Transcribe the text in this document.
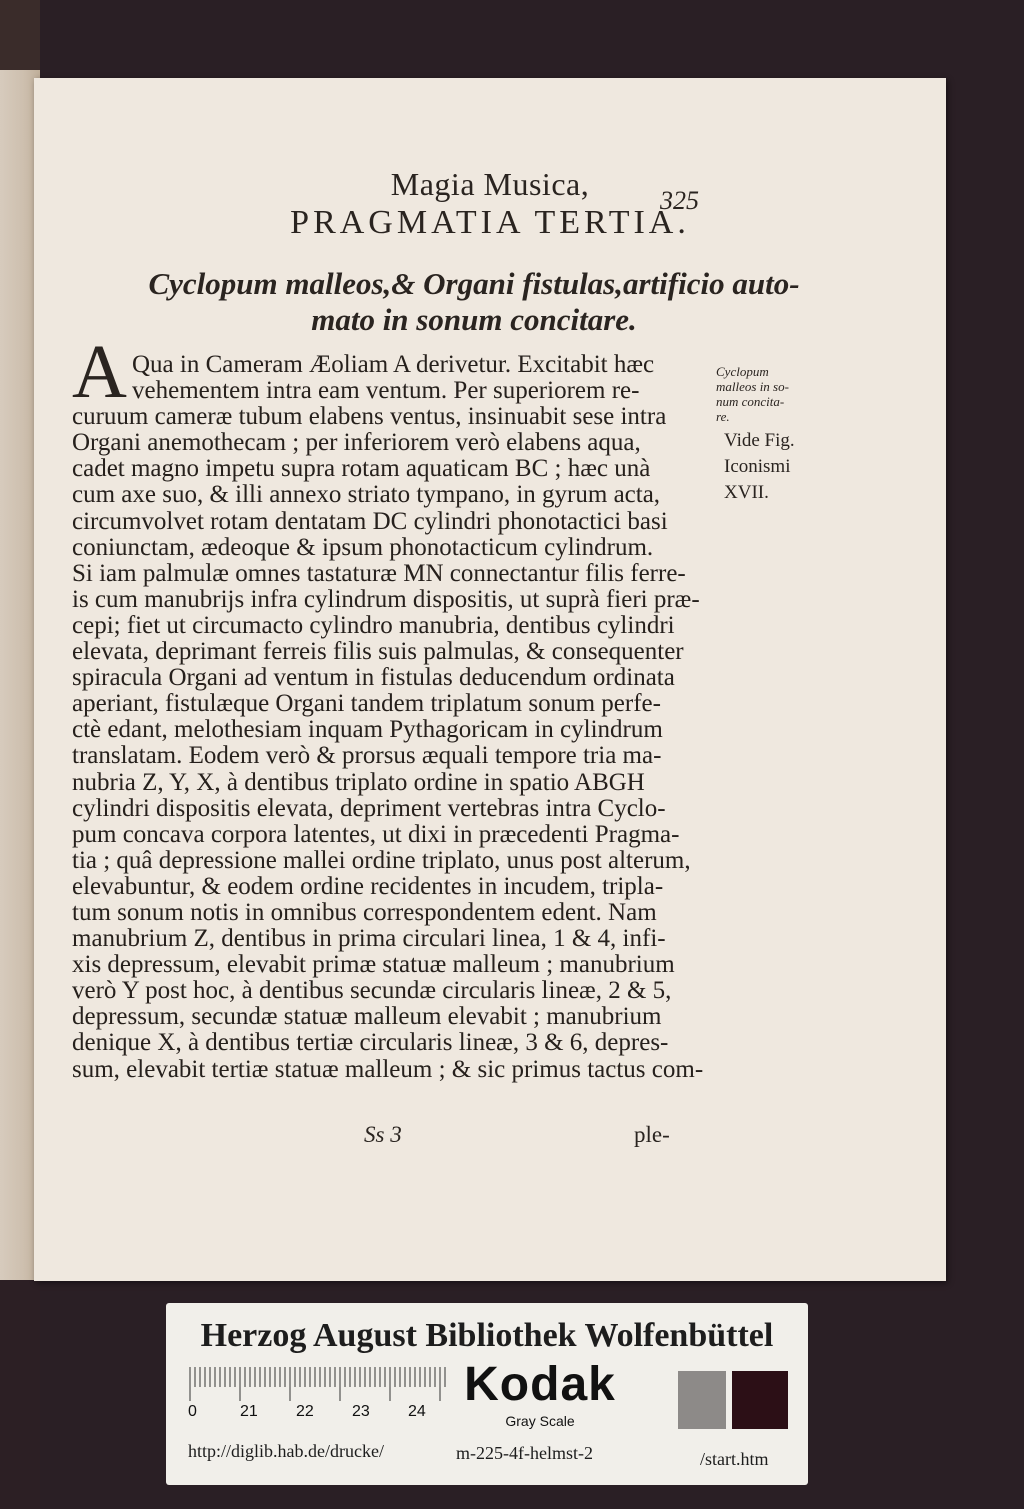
Magia Musica,	325
PRAGMATIA TERTIA.
Cyclopum malleos,& Organi fistulas,artificio auto-
mato in sonum concitare.
A Qua in Cameram Æoliam A derivetur. Excitabit hæc
vehementem intra eam ventum. Per superiorem re-
curuum cameræ tubum elabens ventus, insinuabit sese intra
Organi anemothecam ; per inferiorem verò elabens aqua,
cadet magno impetu supra rotam aquaticam BC ; hæc unà
cum axe suo, & illi annexo striato tympano, in gyrum acta,
circumvolvet rotam dentatam DC cylindri phonotactici basi
coniunctam, ædeoque & ipsum phonotacticum cylindrum.
Si iam palmulæ omnes tastaturæ MN connectantur filis ferre-
is cum manubrijs infra cylindrum dispositis, ut suprà fieri præ-
cepi; fiet ut circumacto cylindro manubria, dentibus cylindri
elevata, deprimant ferreis filis suis palmulas, & consequenter
spiracula Organi ad ventum in fistulas deducendum ordinata
aperiant, fistulæque Organi tandem triplatum sonum perfe-
ctè edant, melothesiam inquam Pythagoricam in cylindrum
translatam. Eodem verò & prorsus æquali tempore tria ma-
nubria Z, Y, X, à dentibus triplato ordine in spatio ABGH
cylindri dispositis elevata, depriment vertebras intra Cyclo-
pum concava corpora latentes, ut dixi in præcedenti Pragma-
tia ; quâ depressione mallei ordine triplato, unus post alterum,
elevabuntur, & eodem ordine recidentes in incudem, tripla-
tum sonum notis in omnibus correspondentem edent. Nam
manubrium Z, dentibus in prima circulari linea, 1 & 4, infi-
xis depressum, elevabit primæ statuæ malleum ; manubrium
verò Y post hoc, à dentibus secundæ circularis lineæ, 2 & 5,
depressum, secundæ statuæ malleum elevabit ; manubrium
denique X, à dentibus tertiæ circularis lineæ, 3 & 6, depres-
sum, elevabit tertiæ statuæ malleum ; & sic primus tactus com-
Cyclopum
malleos in so-
num concita-
re.
Vide Fig.
Iconismi
XVII.
Ss 3	ple-
Herzog August Bibliothek Wolfenbüttel
0	21 22 23 24
Kodak
Gray Scale
http://diglib.hab.de/drucke/	m-225-4f-helmst-2	/start.htm
